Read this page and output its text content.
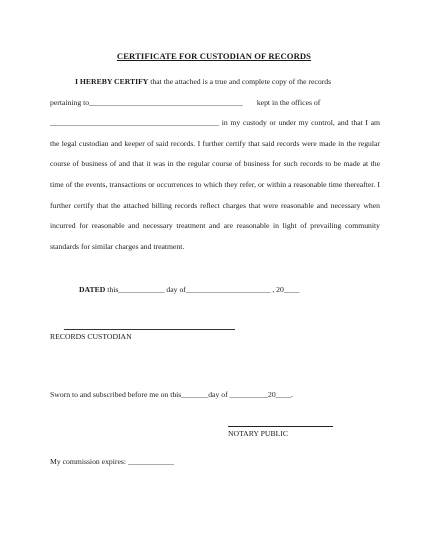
CERTIFICATE FOR CUSTODIAN OF RECORDS

I HEREBY CERTIFY that the attached is a true and complete copy of the records

pertaining to________________________________________ kept in the offices of

____________________________________________ in my custody or under my control, and that I am the legal custodian and keeper of said records. I further certify that said records were made in the regular course of business of and that it was in the regular course of business for such records to be made at the time of the events, transactions or occurrences to which they refer, or within a reasonable time thereafter. I further certify that the attached billing records reflect charges that were reasonable and necessary when incurred for reasonable and necessary treatment and are reasonable in light of prevailing community standards for similar charges and treatment.

DATED this____________ day of______________________ , 20____
RECORDS CUSTODIAN
Sworn to and subscribed before me on this_______day of __________20____.
NOTARY PUBLIC
My commission expires: ____________
